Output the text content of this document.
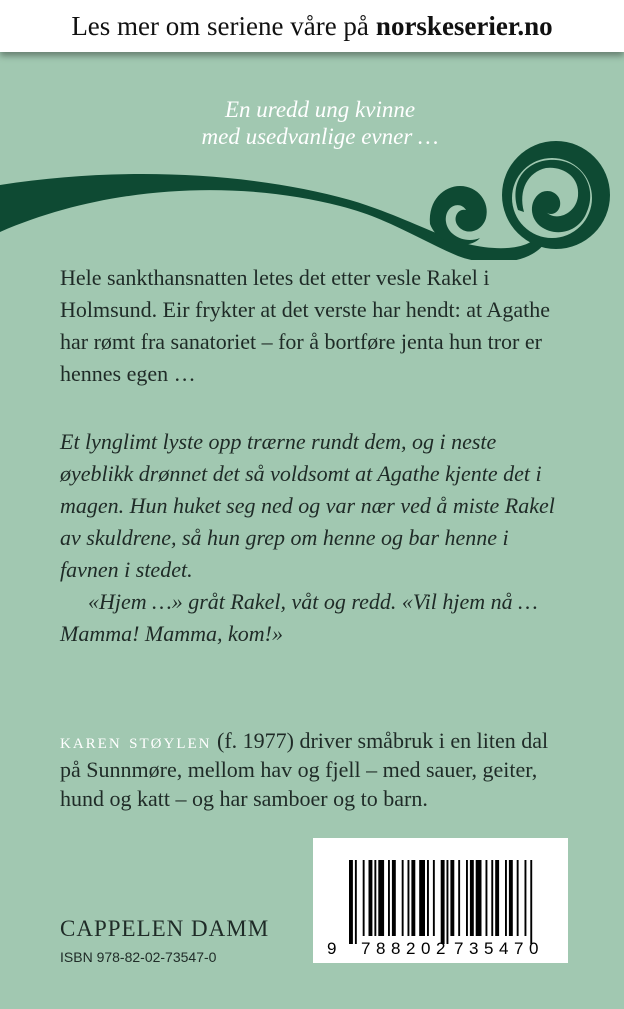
Les mer om seriene våre på norskeserier.no
En uredd ung kvinne
med usedvanlige evner …

Hele sankthansnatten letes det etter vesle Rakel i Holmsund. Eir frykter at det verste har hendt: at Agathe har rømt fra sanatoriet – for å bortføre jenta hun tror er hennes egen …

Et lynglimt lyste opp trærne rundt dem, og i neste øyeblikk drønnet det så voldsomt at Agathe kjente det i magen. Hun huket seg ned og var nær ved å miste Rakel av skuldrene, så hun grep om henne og bar henne i favnen i stedet.
«Hjem …» gråt Rakel, våt og redd. «Vil hjem nå … Mamma! Mamma, kom!»

karen støylen (f. 1977) driver småbruk i en liten dal på Sunnmøre, mellom hav og fjell – med sauer, geiter, hund og katt – og har samboer og to barn.

CAPPELEN DAMM
ISBN 978-82-02-73547-0	9 7 8 8 2 0 2 7 3 5 4 7 0
